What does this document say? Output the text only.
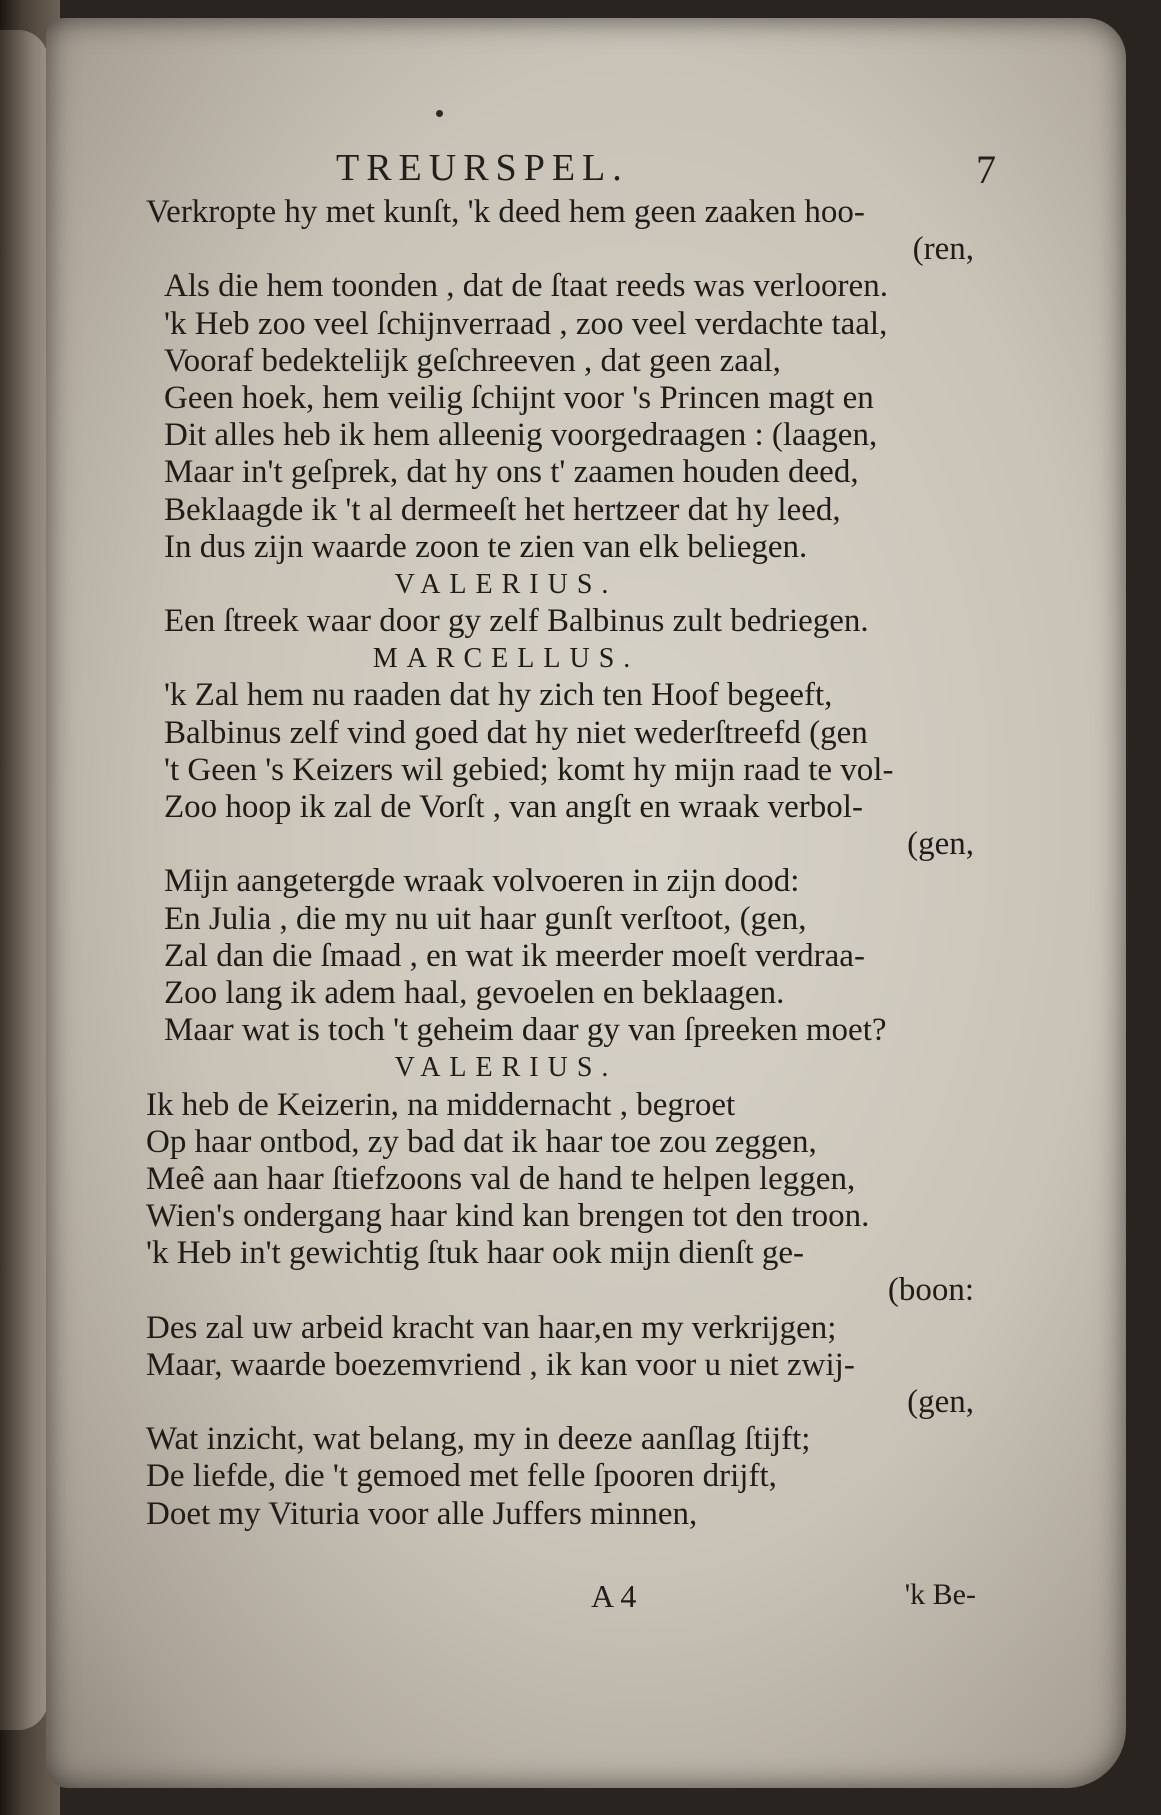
TREURSPEL.	7
Verkropte hy met kunſt, 'k deed hem geen zaaken hoo-
(ren,
Als die hem toonden , dat de ſtaat reeds was verlooren.
'k Heb zoo veel ſchijnverraad , zoo veel verdachte taal,
Vooraf bedektelijk geſchreeven , dat geen zaal,
Geen hoek, hem veilig ſchijnt voor 's Princen magt en
Dit alles heb ik hem alleenig voorgedraagen : (laagen,
Maar in't geſprek, dat hy ons t' zaamen houden deed,
Beklaagde ik 't al dermeeſt het hertzeer dat hy leed,
In dus zijn waarde zoon te zien van elk beliegen.
VALERIUS.
Een ſtreek waar door gy zelf Balbinus zult bedriegen.
MARCELLUS.
'k Zal hem nu raaden dat hy zich ten Hoof begeeft,
Balbinus zelf vind goed dat hy niet wederſtreefd (gen
't Geen 's Keizers wil gebied; komt hy mijn raad te vol-
Zoo hoop ik zal de Vorſt , van angſt en wraak verbol-
(gen,
Mijn aangetergde wraak volvoeren in zijn dood:
En Julia , die my nu uit haar gunſt verſtoot, (gen,
Zal dan die ſmaad , en wat ik meerder moeſt verdraa-
Zoo lang ik adem haal, gevoelen en beklaagen.
Maar wat is toch 't geheim daar gy van ſpreeken moet?
VALERIUS.
Ik heb de Keizerin, na middernacht , begroet
Op haar ontbod, zy bad dat ik haar toe zou zeggen,
Meê aan haar ſtiefzoons val de hand te helpen leggen,
Wien's ondergang haar kind kan brengen tot den troon.
'k Heb in't gewichtig ſtuk haar ook mijn dienſt ge-
(boon:
Des zal uw arbeid kracht van haar,en my verkrijgen;
Maar, waarde boezemvriend , ik kan voor u niet zwij-
(gen,
Wat inzicht, wat belang, my in deeze aanſlag ſtijft;
De liefde, die 't gemoed met felle ſpooren drijft,
Doet my Vituria voor alle Juffers minnen,
A 4	'k Be-
